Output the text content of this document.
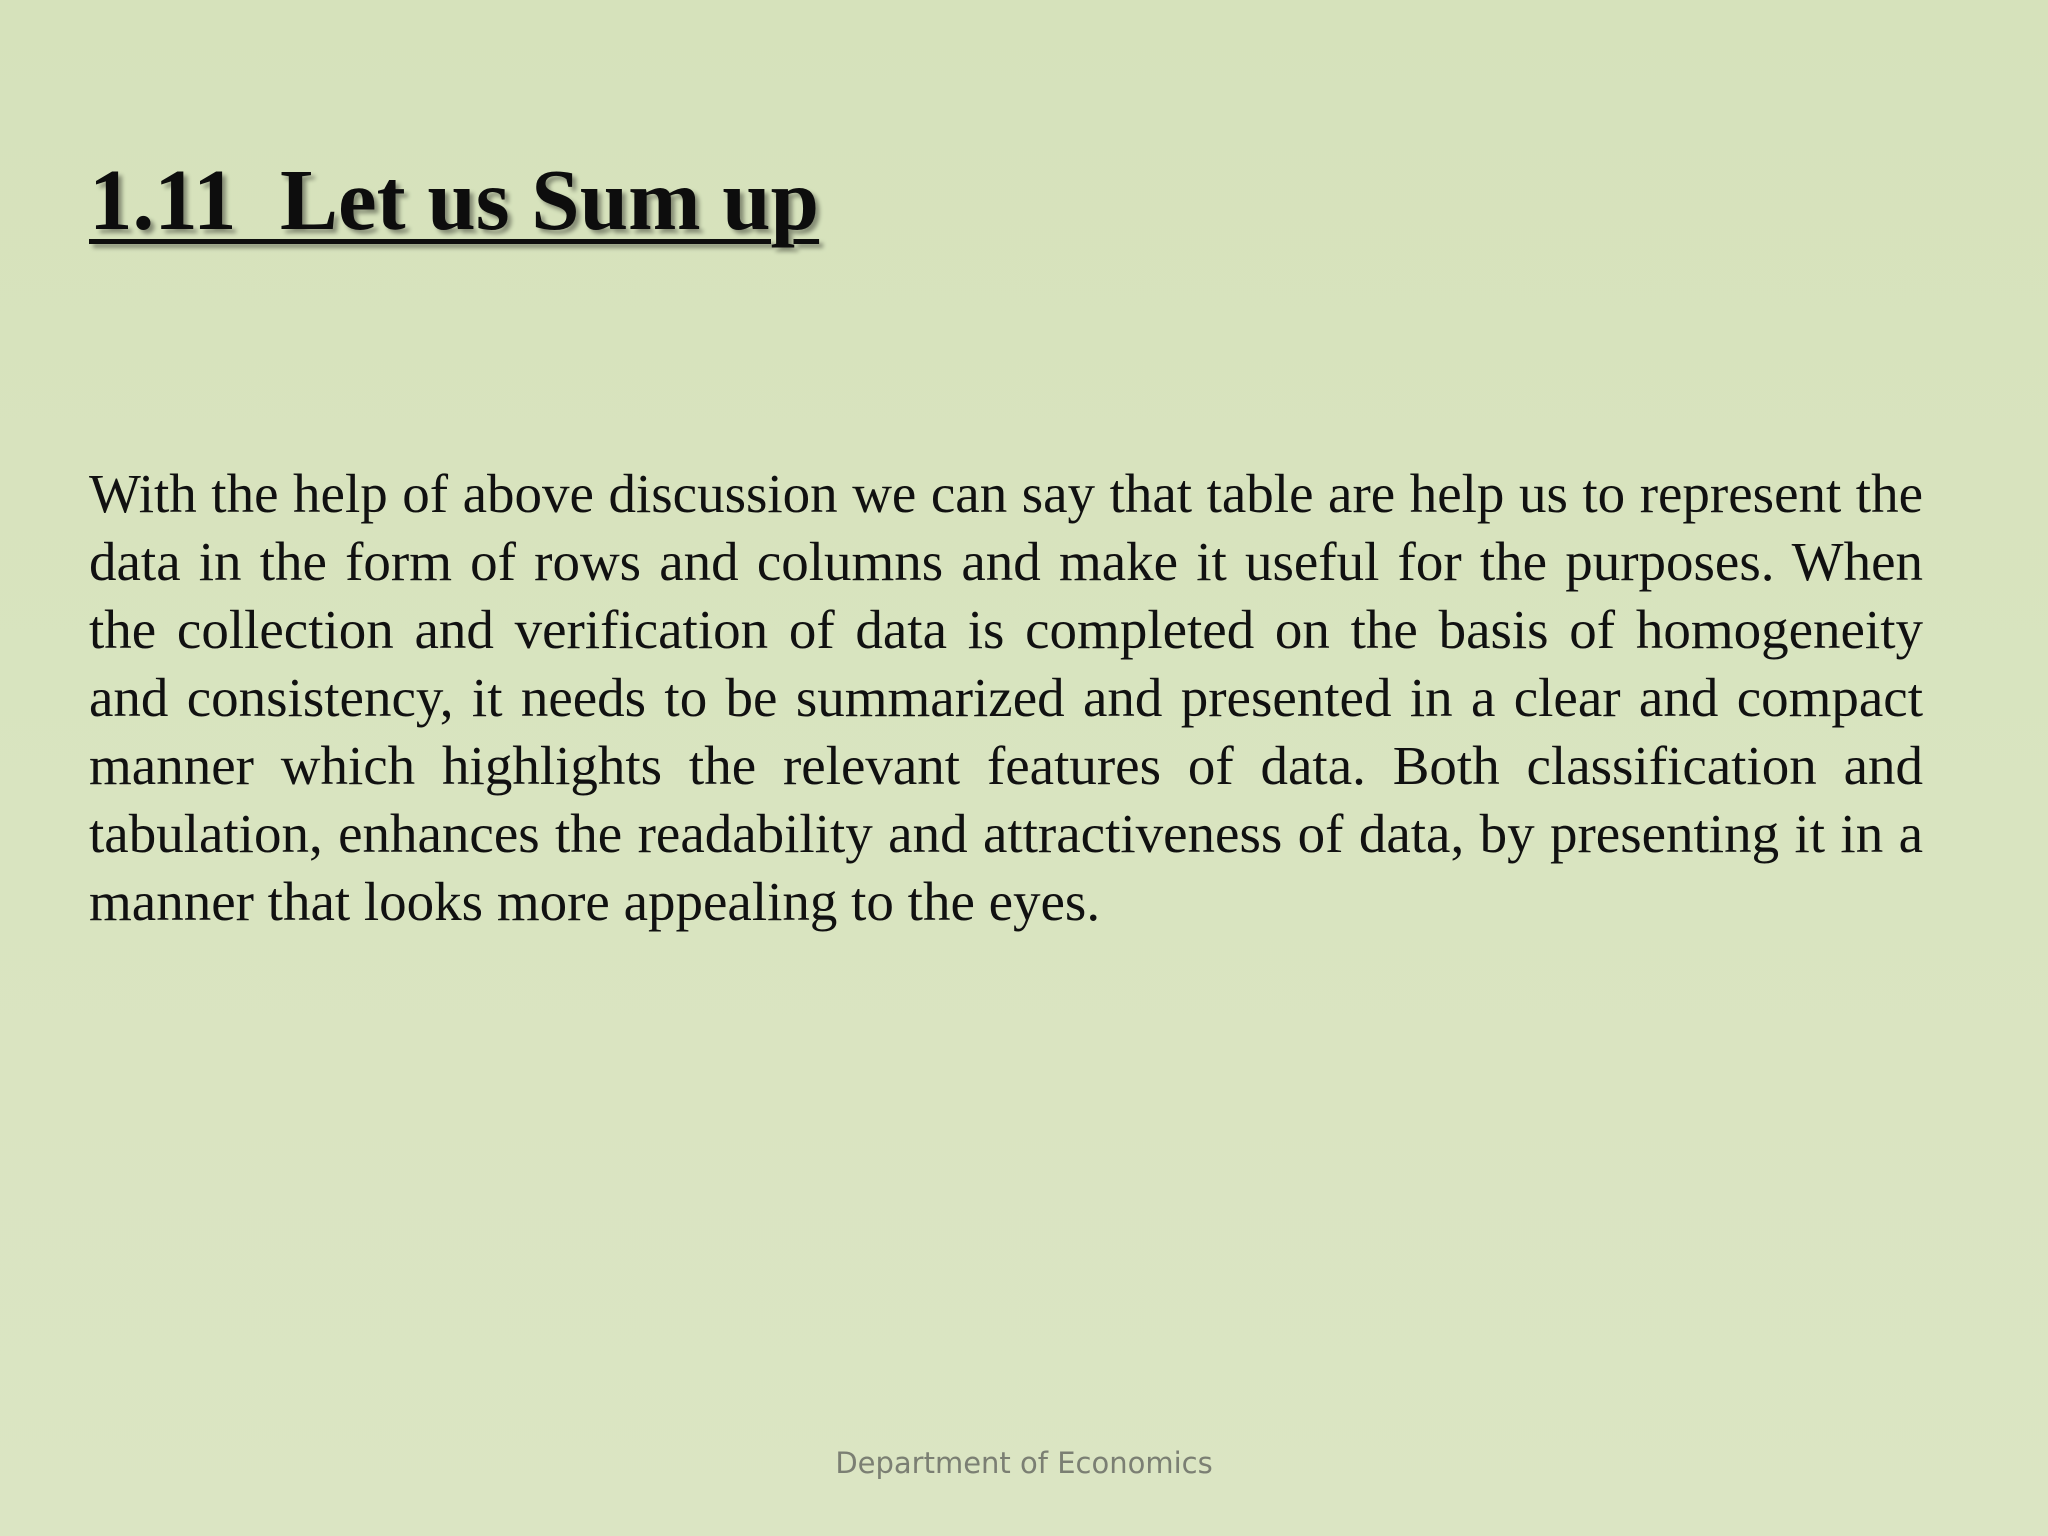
1.11  Let us Sum up

With the help of above discussion we can say that table are help us to represent the data in the form of rows and columns and make it useful for the purposes. When the collection and verification of data is completed on the basis of homogeneity and consistency, it needs to be summarized and presented in a clear and compact manner which highlights the relevant features of data. Both classification and tabulation, enhances the readability and attractiveness of data, by presenting it in a manner that looks more appealing to the eyes.

Department of Economics
